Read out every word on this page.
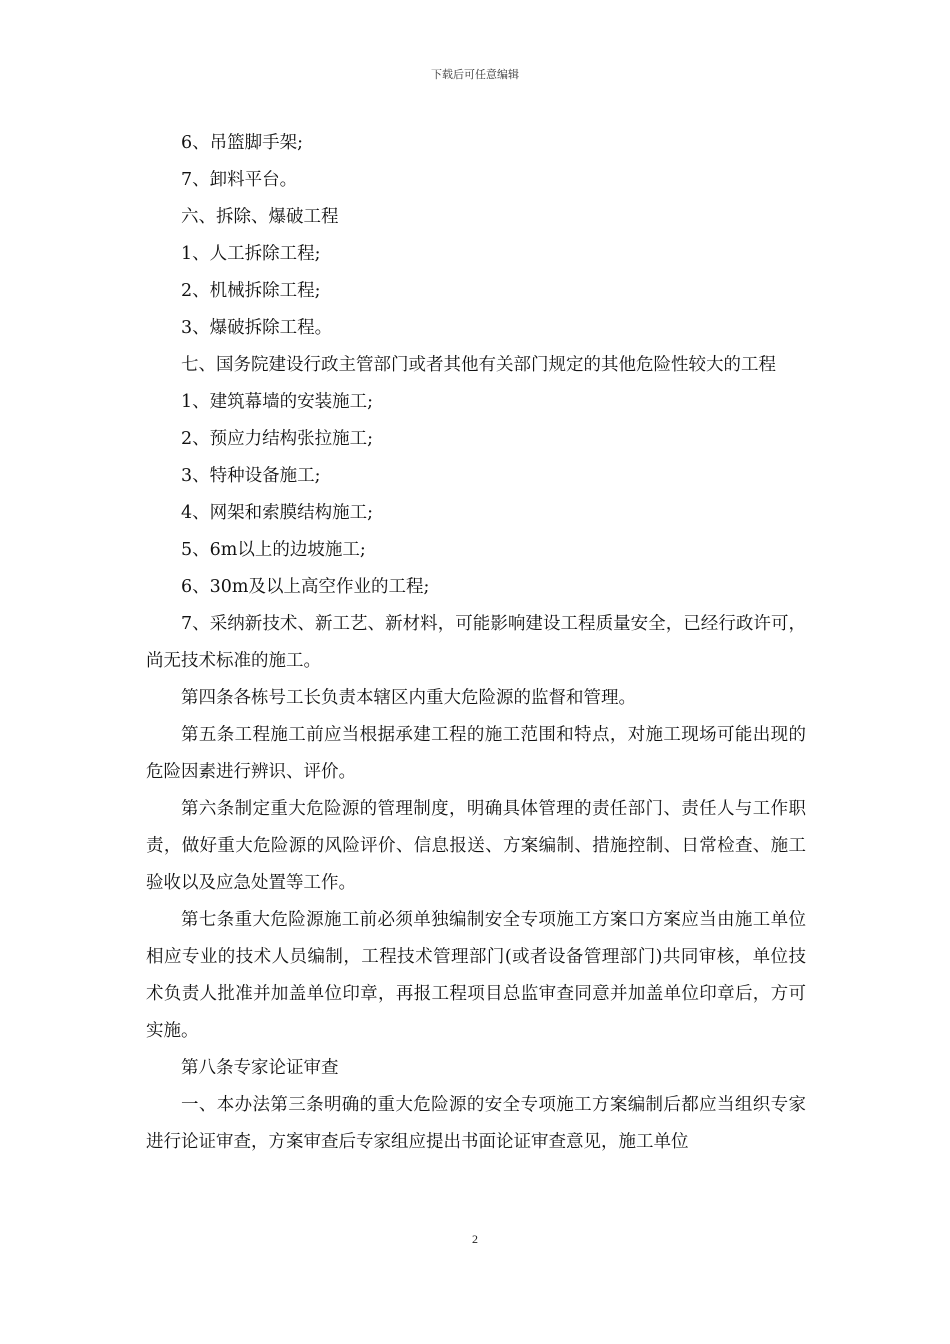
下载后可任意编辑

6、吊篮脚手架;

7、卸料平台。

六、拆除、爆破工程

1、人工拆除工程;

2、机械拆除工程;

3、爆破拆除工程。

七、国务院建设行政主管部门或者其他有关部门规定的其他危险性较大的工程

1、建筑幕墙的安装施工;

2、预应力结构张拉施工;

3、特种设备施工;

4、网架和索膜结构施工;

5、6m以上的边坡施工;

6、30m及以上高空作业的工程;

7、采纳新技术、新工艺、新材料，可能影响建设工程质量安全，已经行政许可，尚无技术标准的施工。

第四条各栋号工长负责本辖区内重大危险源的监督和管理。

第五条工程施工前应当根据承建工程的施工范围和特点，对施工现场可能出现的危险因素进行辨识、评价。

第六条制定重大危险源的管理制度，明确具体管理的责任部门、责任人与工作职责，做好重大危险源的风险评价、信息报送、方案编制、措施控制、日常检查、施工验收以及应急处置等工作。

第七条重大危险源施工前必须单独编制安全专项施工方案口方案应当由施工单位相应专业的技术人员编制，工程技术管理部门(或者设备管理部门)共同审核，单位技术负责人批准并加盖单位印章，再报工程项目总监审查同意并加盖单位印章后，方可实施。

第八条专家论证审查

一、本办法第三条明确的重大危险源的安全专项施工方案编制后都应当组织专家进行论证审查，方案审查后专家组应提出书面论证审查意见，施工单位

2
